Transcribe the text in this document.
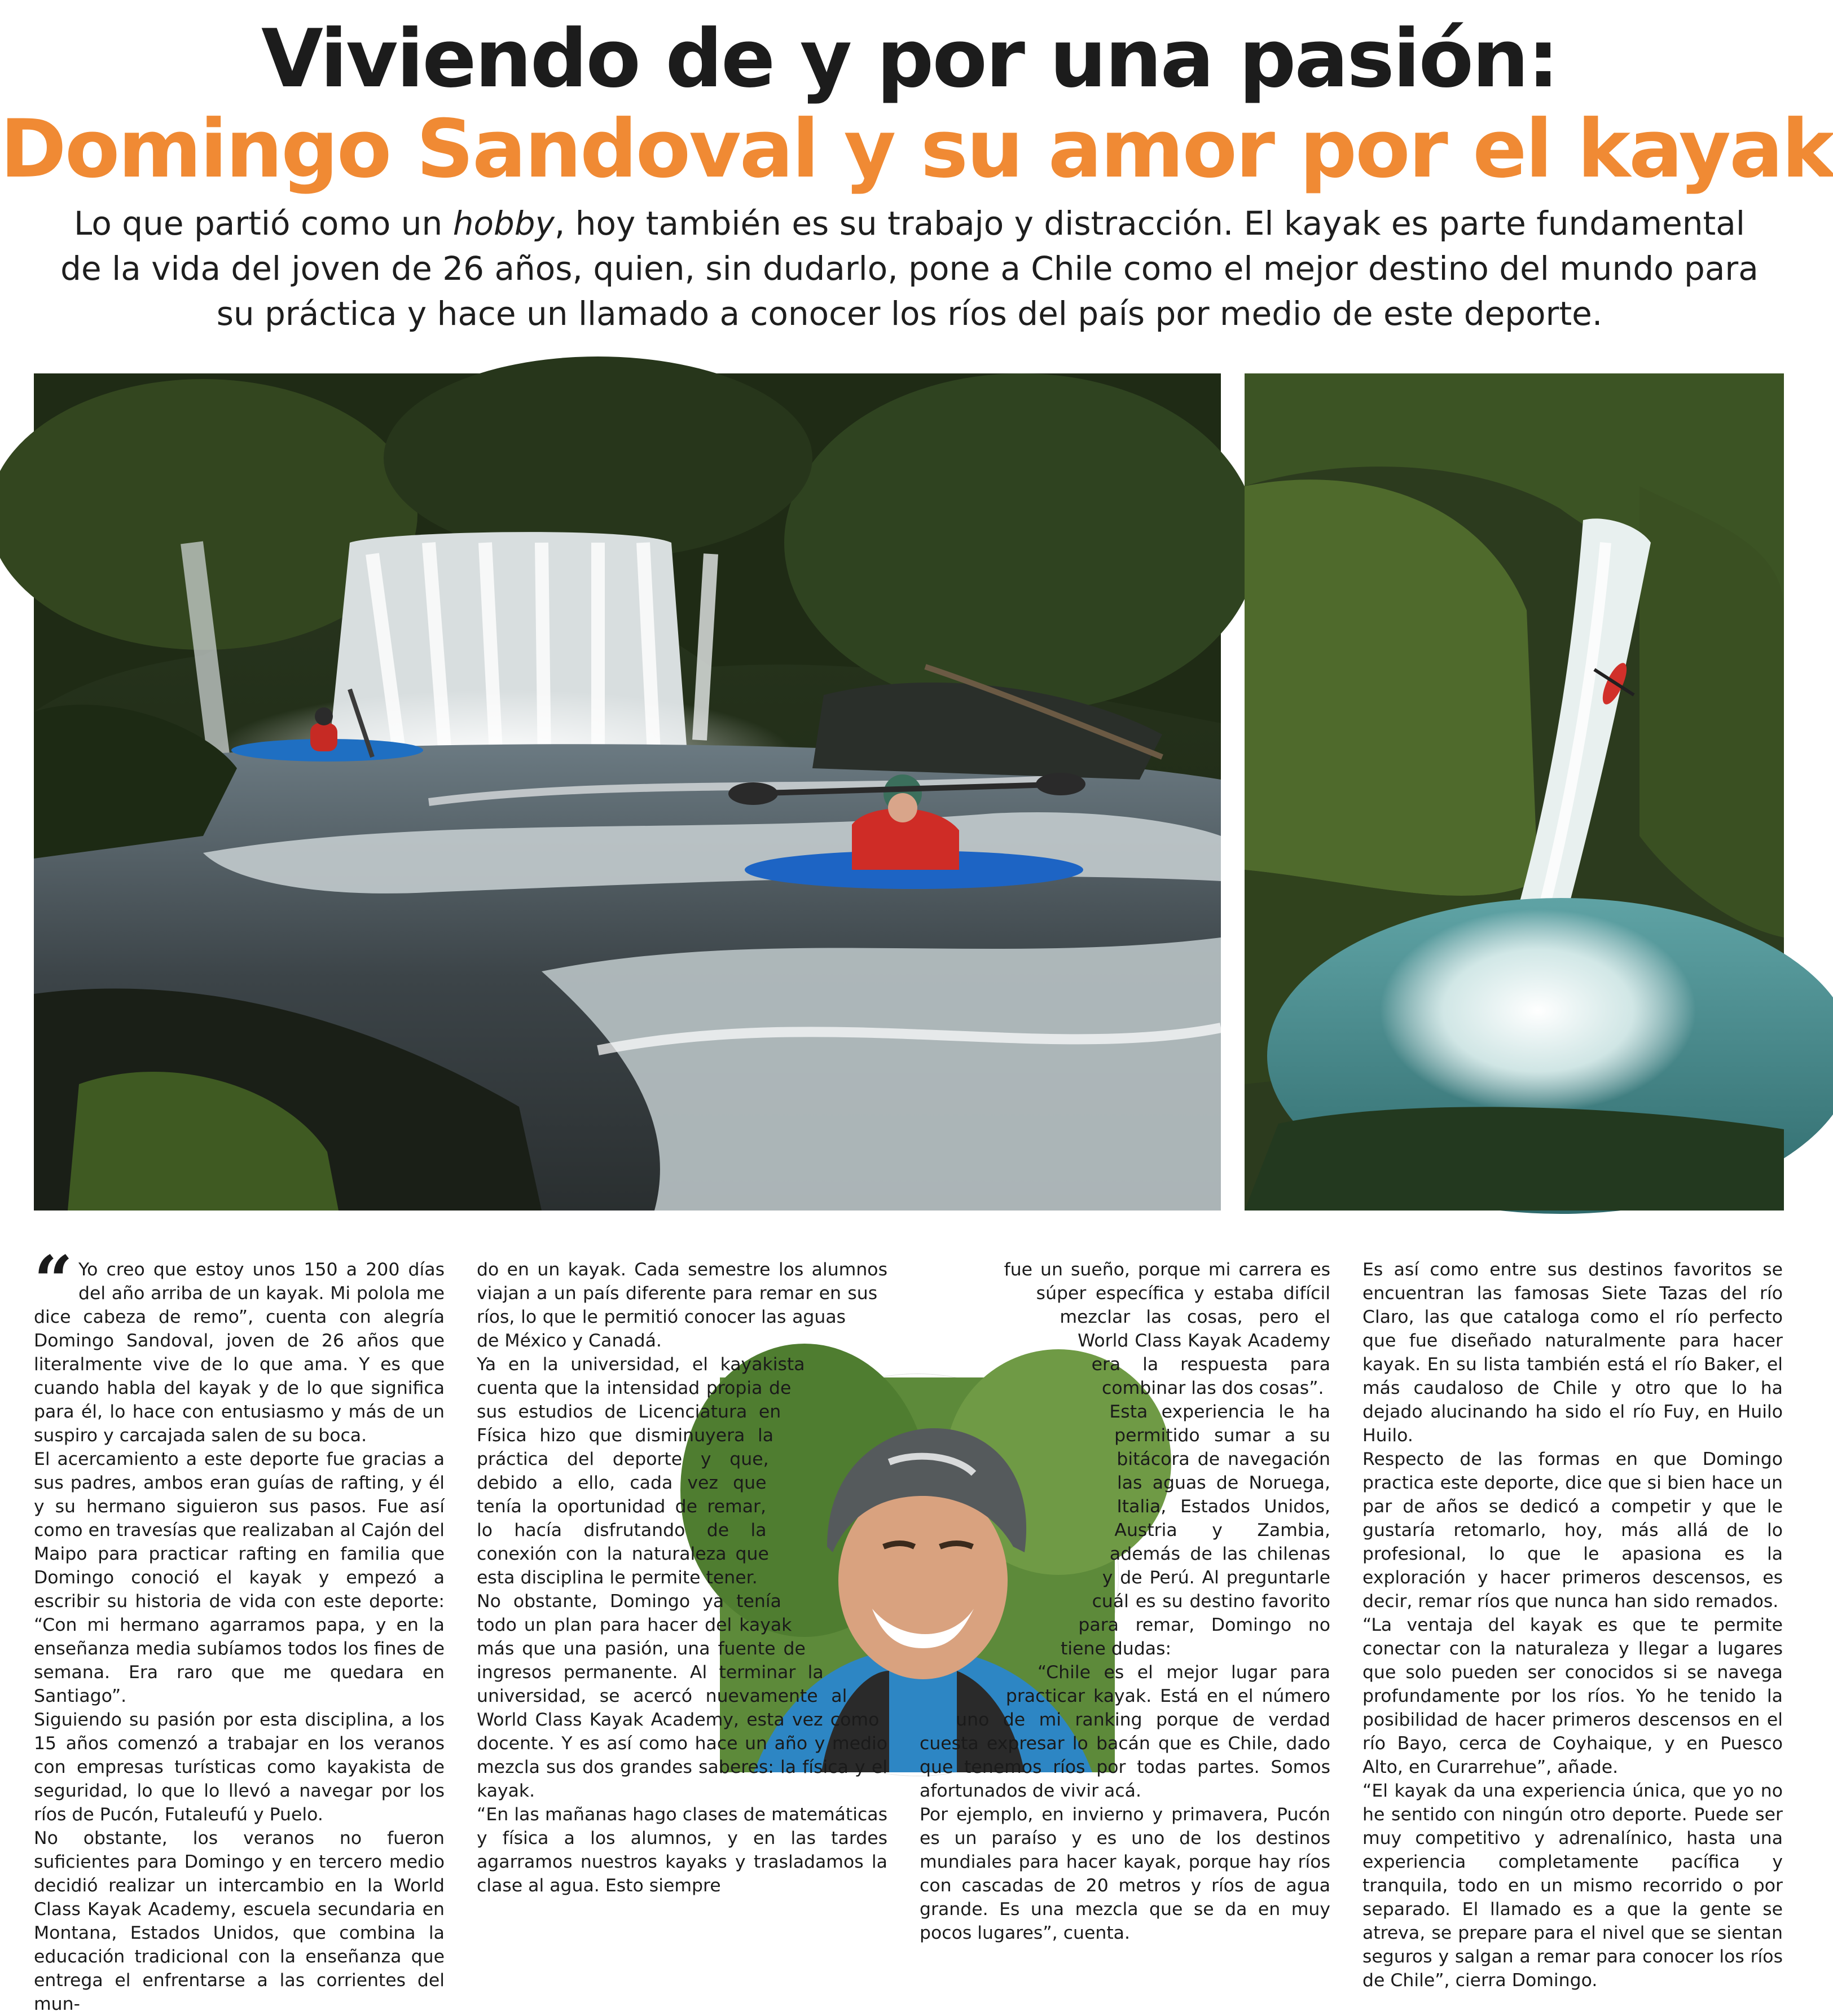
Viviendo de y por una pasión:
Domingo Sandoval y su amor por el kayak
Lo que partió como un hobby, hoy también es su trabajo y distracción. El kayak es parte fundamental de la vida del joven de 26 años, quien, sin dudarlo, pone a Chile como el mejor destino del mundo para su práctica y hace un llamado a conocer los ríos del país por medio de este deporte.

“ Yo creo que estoy unos 150 a 200 días del año arriba de un kayak. Mi polola me dice cabeza de remo”, cuenta con alegría Domingo Sandoval, joven de 26 años que literalmente vive de lo que ama. Y es que cuando habla del kayak y de lo que significa para él, lo hace con entusiasmo y más de un suspiro y carcajada salen de su boca.

El acercamiento a este deporte fue gracias a sus padres, ambos eran guías de rafting, y él y su hermano siguieron sus pasos. Fue así como en travesías que realizaban al Cajón del Maipo para practicar rafting en familia que Domingo conoció el kayak y empezó a escribir su historia de vida con este deporte: “Con mi hermano agarramos papa, y en la enseñanza media subíamos todos los fines de semana. Era raro que me quedara en Santiago”.

Siguiendo su pasión por esta disciplina, a los 15 años comenzó a trabajar en los veranos con empresas turísticas como kayakista de seguridad, lo que lo llevó a navegar por los ríos de Pucón, Futaleufú y Puelo.

No obstante, los veranos no fueron suficientes para Domingo y en tercero medio decidió realizar un intercambio en la World Class Kayak Academy, escuela secundaria en Montana, Estados Unidos, que combina la educación tradicional con la enseñanza que entrega el enfrentarse a las corrientes del mun-

do en un kayak. Cada semestre los alumnos viajan a un país diferente para remar en sus ríos, lo que le permitió conocer las aguas de México y Canadá.

Ya en la universidad, el kayakista cuenta que la intensidad propia de sus estudios de Licenciatura en Física hizo que disminuyera la práctica del deporte y que, debido a ello, cada vez que tenía la oportunidad de remar, lo hacía disfrutando de la conexión con la naturaleza que esta disciplina le permite tener.

No obstante, Domingo ya tenía todo un plan para hacer del kayak más que una pasión, una fuente de ingresos permanente. Al terminar la universidad, se acercó nuevamente al World Class Kayak Academy, esta vez como docente. Y es así como hace un año y medio mezcla sus dos grandes saberes: la física y el kayak.

“En las mañanas hago clases de matemáticas y física a los alumnos, y en las tardes agarramos nuestros kayaks y trasladamos la clase al agua. Esto siempre

fue un sueño, porque mi carrera es súper específica y estaba difícil mezclar las cosas, pero el World Class Kayak Academy era la respuesta para combinar las dos cosas”.

Esta experiencia le ha permitido sumar a su bitácora de navegación las aguas de Noruega, Italia, Estados Unidos, Austria y Zambia, además de las chilenas y de Perú. Al preguntarle cuál es su destino favorito para remar, Domingo no tiene dudas:

“Chile es el mejor lugar para practicar kayak. Está en el número uno de mi ranking porque de verdad cuesta expresar lo bacán que es Chile, dado que tenemos ríos por todas partes. Somos afortunados de vivir acá.

Por ejemplo, en invierno y primavera, Pucón es un paraíso y es uno de los destinos mundiales para hacer kayak, porque hay ríos con cascadas de 20 metros y ríos de agua grande. Es una mezcla que se da en muy pocos lugares”, cuenta.

Es así como entre sus destinos favoritos se encuentran las famosas Siete Tazas del río Claro, las que cataloga como el río perfecto que fue diseñado naturalmente para hacer kayak. En su lista también está el río Baker, el más caudaloso de Chile y otro que lo ha dejado alucinando ha sido el río Fuy, en Huilo Huilo.

Respecto de las formas en que Domingo practica este deporte, dice que si bien hace un par de años se dedicó a competir y que le gustaría retomarlo, hoy, más allá de lo profesional, lo que le apasiona es la exploración y hacer primeros descensos, es decir, remar ríos que nunca han sido remados.

“La ventaja del kayak es que te permite conectar con la naturaleza y llegar a lugares que solo pueden ser conocidos si se navega profundamente por los ríos. Yo he tenido la posibilidad de hacer primeros descensos en el río Bayo, cerca de Coyhaique, y en Puesco Alto, en Curarrehue”, añade.

“El kayak da una experiencia única, que yo no he sentido con ningún otro deporte. Puede ser muy competitivo y adrenalínico, hasta una experiencia completamente pacífica y tranquila, todo en un mismo recorrido o por separado. El llamado es a que la gente se atreva, se prepare para el nivel que se sientan seguros y salgan a remar para conocer los ríos de Chile”, cierra Domingo.
